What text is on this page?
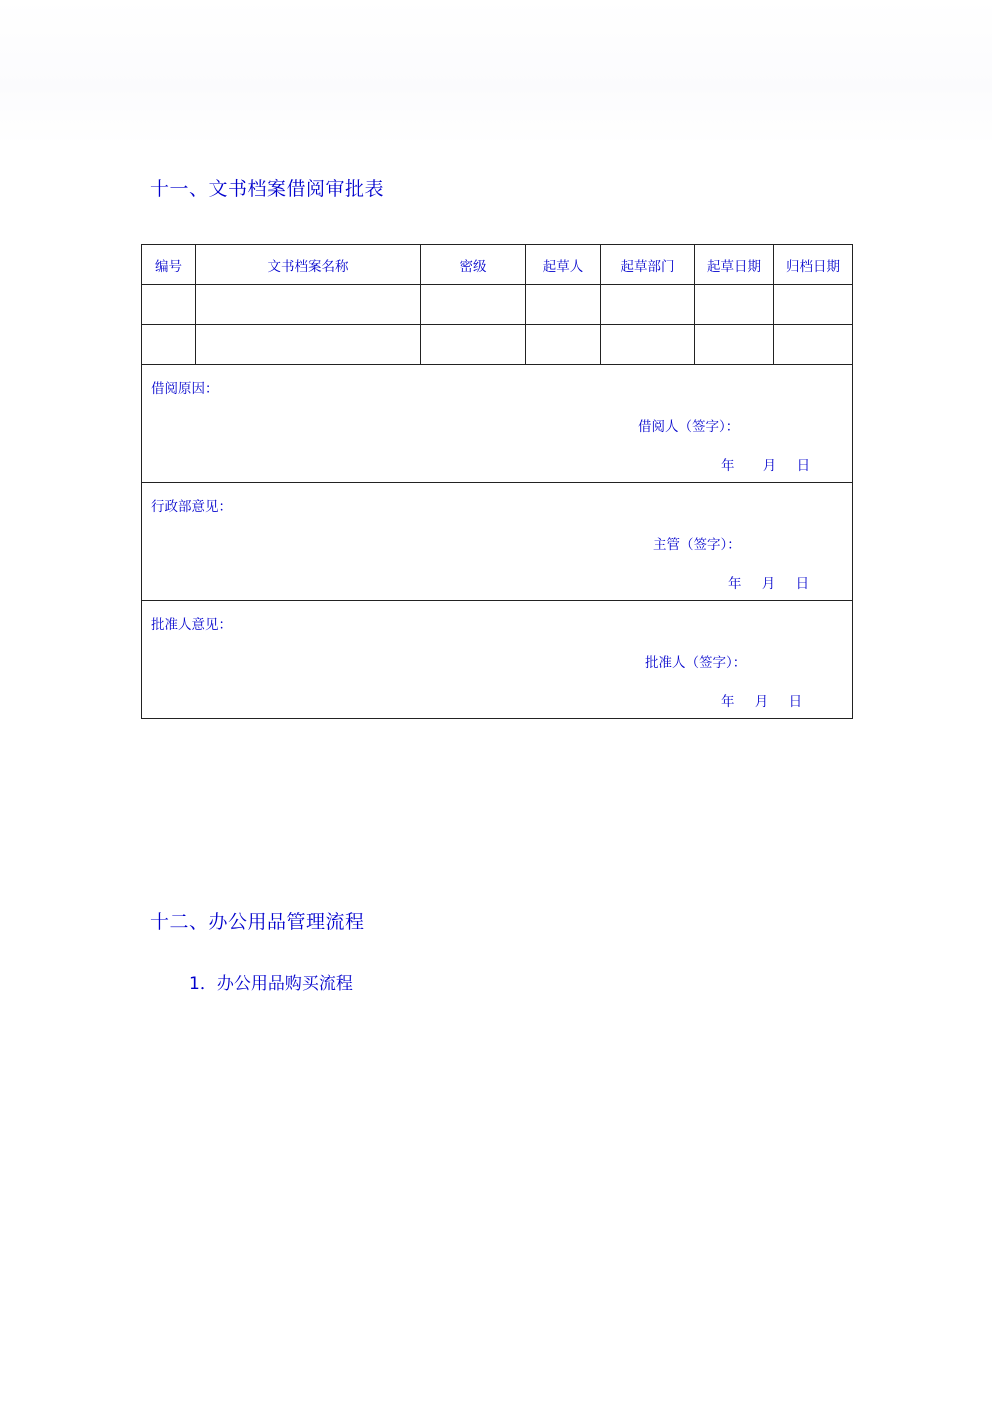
十一、文书档案借阅审批表
编号	文书档案名称	密级	起草人	起草部门	起草日期	归档日期

借阅原因：
借阅人（签字）：
年 月 日						

行政部意见：
主管（签字）：
年 月 日						

批准人意见：
批准人（签字）：
年 月 日						
十二、办公用品管理流程
1．办公用品购买流程
